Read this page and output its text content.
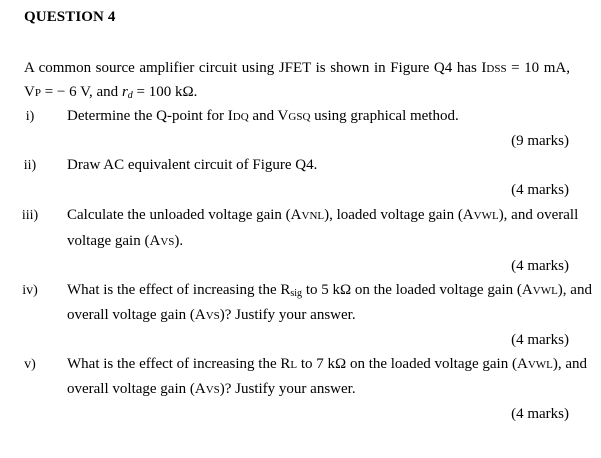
QUESTION 4
A common source amplifier circuit using JFET is shown in Figure Q4 has IDSS = 10 mA,
VP = − 6 V, and $r_d = 100$ kΩ.
i)	Determine the Q-point for IDQ and VGSQ using graphical method.
(9 marks)
ii) Draw AC equivalent circuit of Figure Q4.
(4 marks)
iii) Calculate the unloaded voltage gain (AVNL), loaded voltage gain (AVWL), and overall
voltage gain (AVS).
(4 marks)
iv) What is the effect of increasing the $R_{sig}$ to 5 kΩ on the loaded voltage gain (AVWL), and
overall voltage gain (AVS)? Justify your answer.
(4 marks)
v) What is the effect of increasing the RL to 7 kΩ on the loaded voltage gain (AVWL), and
overall voltage gain (AVS)? Justify your answer.
(4 marks)
